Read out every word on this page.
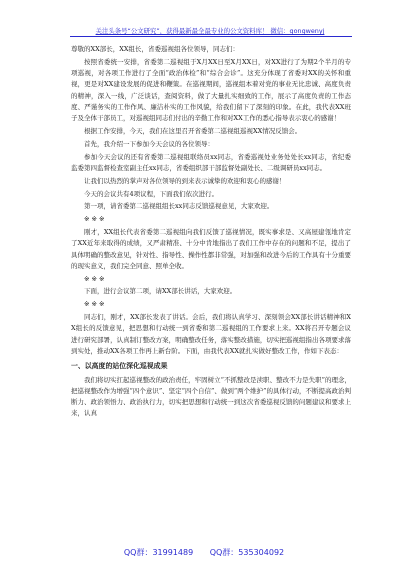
关注头条号“公文研究”，获得最新最全最专业的公文资料库！ 微信：gongwenyj

尊敬的XX部长，XX组长，省委巡视组各位领导，同志们：

按照省委统一安排，省委第二巡视组于X月XX日至X月XX日，对XX进行了为期2个半月的专项巡视，对各项工作进行了全面“政治体检”和“综合会诊”。这充分体现了省委对XX的关怀和重视，更是对XX建设发展的促进和鞭策。在巡视期间，巡视组本着对党的事业无比忠诚、高度负责的精神，深入一线，广泛谈话，查阅资料，做了大量扎实细致的工作，展示了高度负责的工作态度、严谨务实的工作作风、廉洁朴实的工作风貌，给我们留下了深刻的印象。在此，我代表XX班子及全体干部员工，对巡视组同志们付出的辛勤工作和对XX工作的悉心指导表示衷心的感谢！

根据工作安排，今天，我们在这里召开省委第二巡视组巡视XX情况反馈会。

首先，我介绍一下参加今天会议的各位领导：

参加今天会议的还有省委第二巡视组联络员xx同志，省委巡视处业务处处长xx同志，省纪委监委第四监督检查室副主任xx同志，省委组织部干部监督处副处长、二级调研员xx同志。

让我们以热烈的掌声对各位领导的到来表示诚挚的欢迎和衷心的感谢！

今天的会议共有4项议程，下面我们依次进行。

第一项，请省委第二巡视组组长xx同志反馈巡视意见，大家欢迎。

※ ※ ※

刚才，XX组长代表省委第二巡视组向我们反馈了巡视情况，既实事求是、又高屋建瓴地肯定了XX近年来取得的成绩，又严肃精准、十分中肯地指出了我们工作中存在的问题和不足，提出了具体明确的整改意见，针对性、指导性、操作性都非常强，对加强和改进今后的工作具有十分重要的现实意义，我们完全同意、照单全收。

※ ※ ※

下面，进行会议第二项，请XX部长讲话，大家欢迎。

※ ※ ※

同志们，刚才，XX部长发表了讲话。会后，我们将认真学习、深刻领会XX部长讲话精神和XX组长的反馈意见，把思想和行动统一到省委和第二巡视组的工作要求上来。XX将召开专题会议进行研究部署，认真制订整改方案，明确整改任务，落实整改措施，切实把巡视组指出各项要求落到实处，推动XX各项工作再上新台阶。下面，由我代表XX就扎实做好整改工作，作如下表态：

一、以高度的站位深化巡视成果

我们将切实扛起巡视整改的政治责任，牢固树立“不抓整改是渎职、整改不力是失职”的理念，把巡视整改作为增强“四个意识”、坚定“四个自信”、做到“两个维护”的具体行动，不断提高政治判断力、政治领悟力、政治执行力，切实把思想和行动统一到这次省委巡视反馈的问题建议和要求上来，认真

QQ群：31991489 QQ群：535304092
